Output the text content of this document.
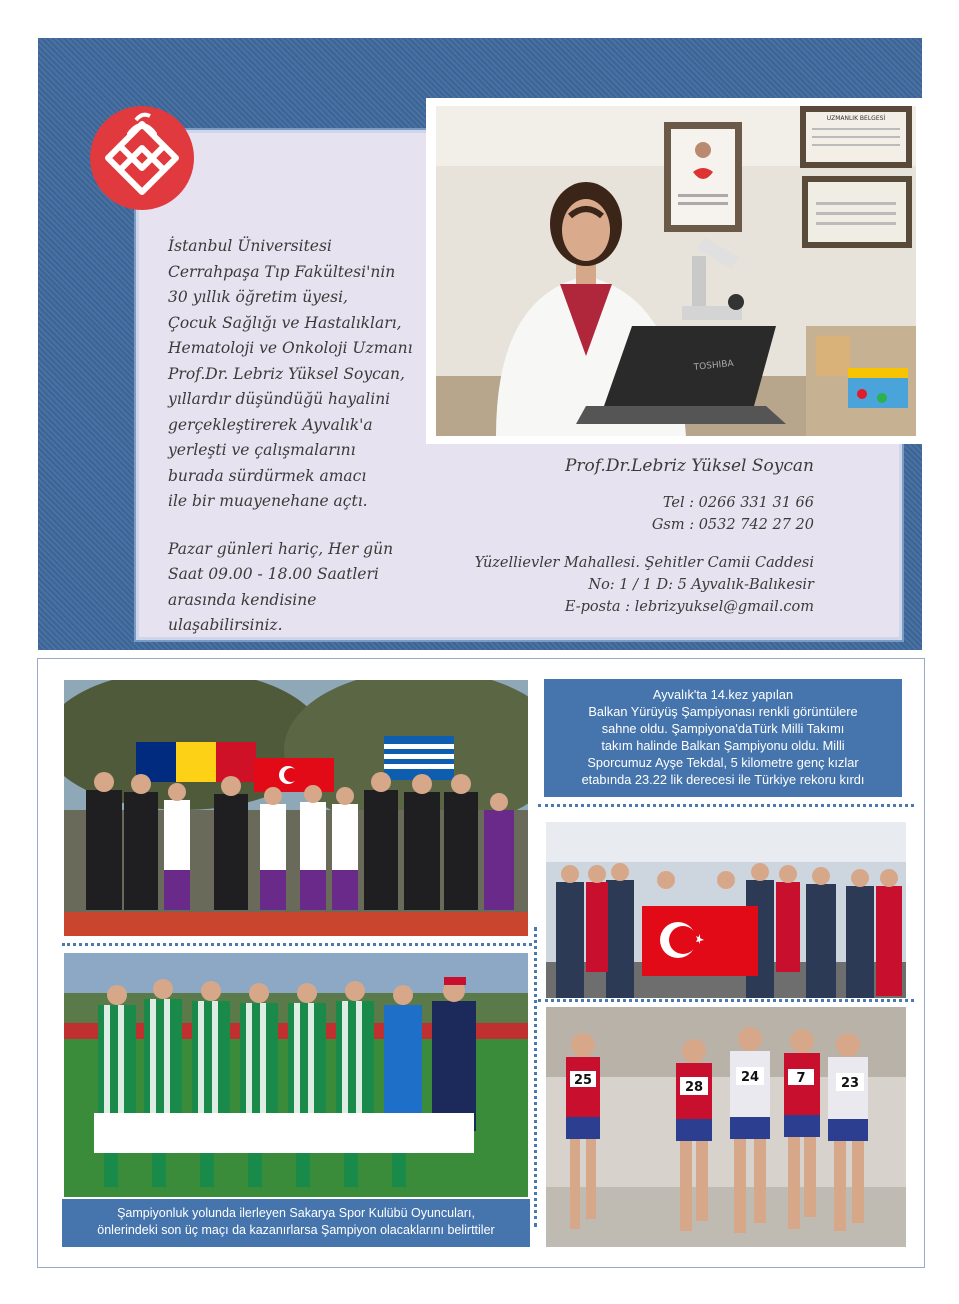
UZMANLIK BELGESİ
TOSHIBA

İstanbul Üniversitesi

Cerrahpaşa Tıp Fakültesi'nin

30 yıllık öğretim üyesi,

Çocuk Sağlığı ve Hastalıkları,

Hematoloji ve Onkoloji Uzmanı

Prof.Dr. Lebriz Yüksel Soycan,

yıllardır düşündüğü hayalini

gerçekleştirerek Ayvalık'a

yerleşti ve çalışmalarını

burada sürdürmek amacı

ile bir muayenehane açtı.

Pazar günleri hariç, Her gün

Saat 09.00 - 18.00 Saatleri

arasında kendisine ulaşabilirsiniz.

Prof.Dr.Lebriz Yüksel Soycan
Tel : 0266 331 31 66
Gsm : 0532 742 27 20
Yüzellievler Mahallesi. Şehitler Camii Caddesi
No: 1 / 1 D: 5 Ayvalık-Balıkesir
E-posta : lebrizyuksel@gmail.com
Ayvalık'ta 14.kez yapılan
Balkan Yürüyüş Şampiyonası renkli görüntülere
sahne oldu. Şampiyona'daTürk Milli Takımı
takım halinde Balkan Şampiyonu oldu. Milli
Sporcumuz Ayşe Tekdal, 5 kilometre genç kızlar
etabında 23.22 lik derecesi ile Türkiye rekoru kırdı
Şampiyonluk yolunda ilerleyen Sakarya Spor Kulübü Oyuncuları,
önlerindeki son üç maçı da kazanırlarsa Şampiyon olacaklarını belirttiler
25	28
24	7	23
